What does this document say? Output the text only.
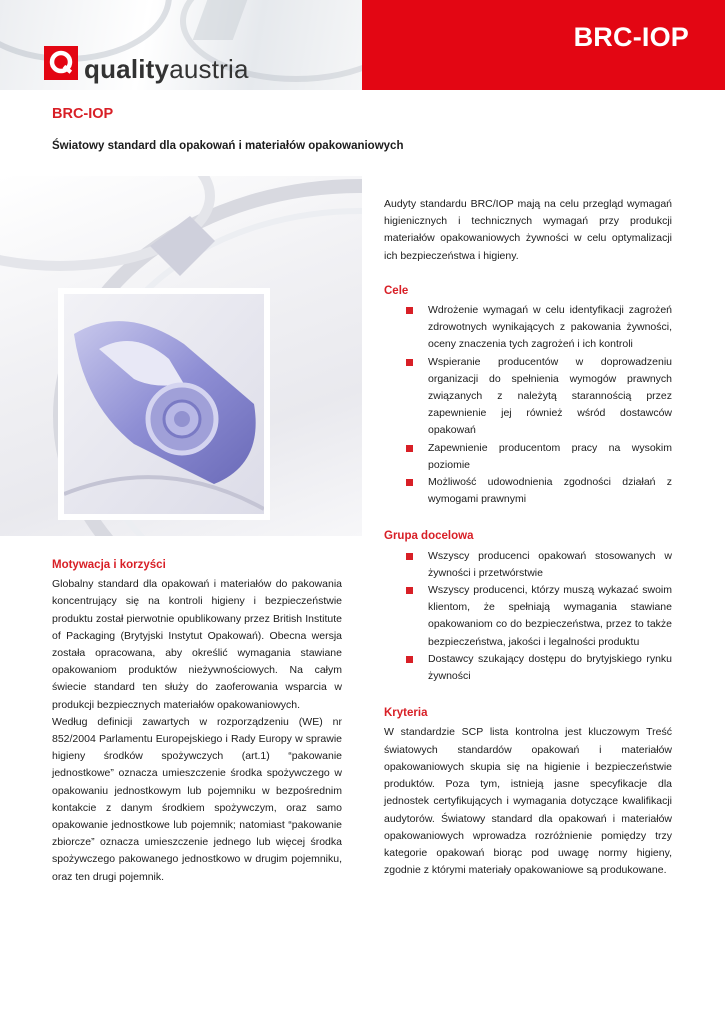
BRC-IOP
qualityaustria
BRC-IOP
Światowy standard dla opakowań i materiałów opakowaniowych
Motywacja i korzyści

Globalny standard dla opakowań i materiałów do pakowania koncentrujący się na kontroli higieny i bezpieczeństwie produktu został pierwotnie opublikowany przez British Institute of Packaging (Brytyjski Instytut Opakowań). Obecna wersja została opracowana, aby określić wymagania stawiane opakowaniom produktów nieżywnościowych. Na całym świecie standard ten służy do zaoferowania wsparcia w produkcji bezpiecznych materiałów opakowaniowych.

Według definicji zawartych w rozporządzeniu (WE) nr 852/2004 Parlamentu Europejskiego i Rady Europy w sprawie higieny środków spożywczych (art.1) “pakowanie jednostkowe” oznacza umieszczenie środka spożywczego w opakowaniu jednostkowym lub pojemniku w bezpośrednim kontakcie z danym środkiem spożywczym, oraz samo opakowanie jednostkowe lub pojemnik; natomiast “pakowanie zbiorcze” oznacza umieszczenie jednego lub więcej środka spożywczego pakowanego jednostkowo w drugim pojemniku, oraz ten drugi pojemnik.

Audyty standardu BRC/IOP mają na celu przegląd wymagań higienicznych i technicznych wymagań przy produkcji materiałów opakowaniowych żywności w celu optymalizacji ich bezpieczeństwa i higieny.

Cele
Wdrożenie wymagań w celu identyfikacji zagrożeń zdrowotnych wynikających z pakowania żywności, oceny znaczenia tych zagrożeń i ich kontroli
Wspieranie producentów w doprowadzeniu organizacji do spełnienia wymogów prawnych związanych z należytą starannością przez zapewnienie jej również wśród dostawców opakowań
Zapewnienie producentom pracy na wysokim poziomie
Możliwość udowodnienia zgodności działań z wymogami prawnymi
Grupa docelowa
Wszyscy producenci opakowań stosowanych w żywności i przetwórstwie
Wszyscy producenci, którzy muszą wykazać swoim klientom, że spełniają wymagania stawiane opakowaniom co do bezpieczeństwa, przez to także bezpieczeństwa, jakości i legalności produktu
Dostawcy szukający dostępu do brytyjskiego rynku żywności
Kryteria

W standardzie SCP lista kontrolna jest kluczowym Treść światowych standardów opakowań i materiałów opakowaniowych skupia się na higienie i bezpieczeństwie produktów. Poza tym, istnieją jasne specyfikacje dla jednostek certyfikujących i wymagania dotyczące kwalifikacji audytorów. Światowy standard dla opakowań i materiałów opakowaniowych wprowadza rozróżnienie pomiędzy trzy kategorie opakowań biorąc pod uwagę normy higieny, zgodnie z którymi materiały opakowaniowe są produkowane.
